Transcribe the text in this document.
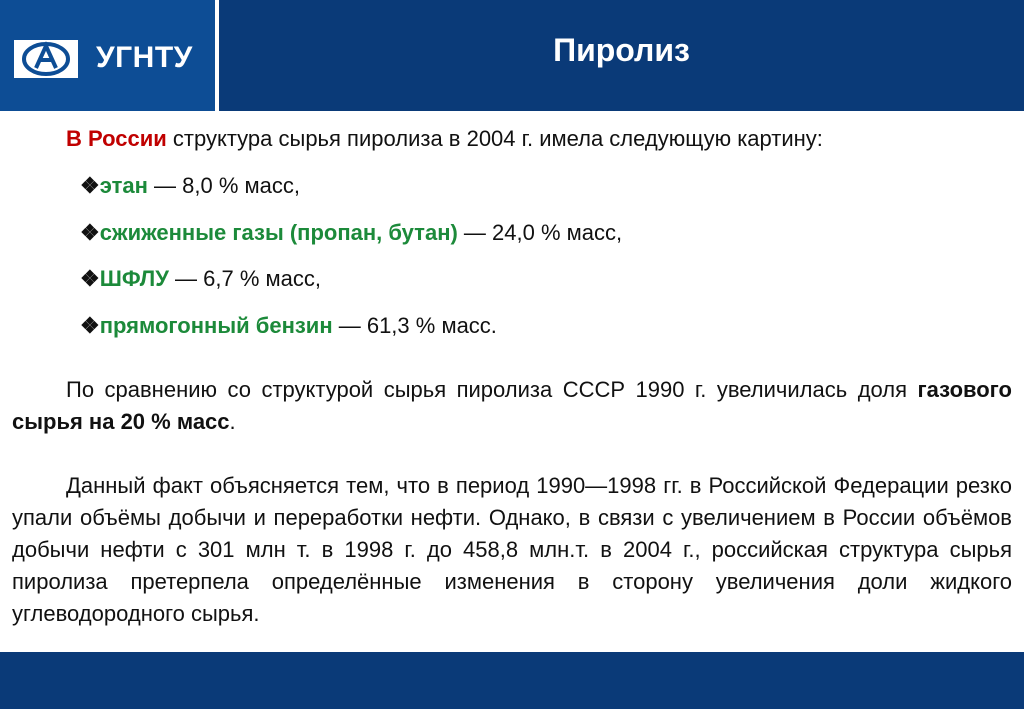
УГНТУ	Пиролиз

В России структура сырья пиролиза в 2004 г. имела следующую картину:

❖этан — 8,0 % масс,

❖сжиженные газы (пропан, бутан) — 24,0 % масс,

❖ШФЛУ — 6,7 % масс,

❖прямогонный бензин — 61,3 % масс.

По сравнению со структурой сырья пиролиза СССР 1990 г. увеличилась доля газового сырья на 20 % масс.

Данный факт объясняется тем, что в период 1990—1998 гг. в Российской Федерации резко упали объёмы добычи и переработки нефти. Однако, в связи с увеличением в России объёмов добычи нефти с 301 млн т. в 1998 г. до 458,8 млн.т. в 2004 г., российская структура сырья пиролиза претерпела определённые изменения в сторону увеличения доли жидкого углеводородного сырья.
